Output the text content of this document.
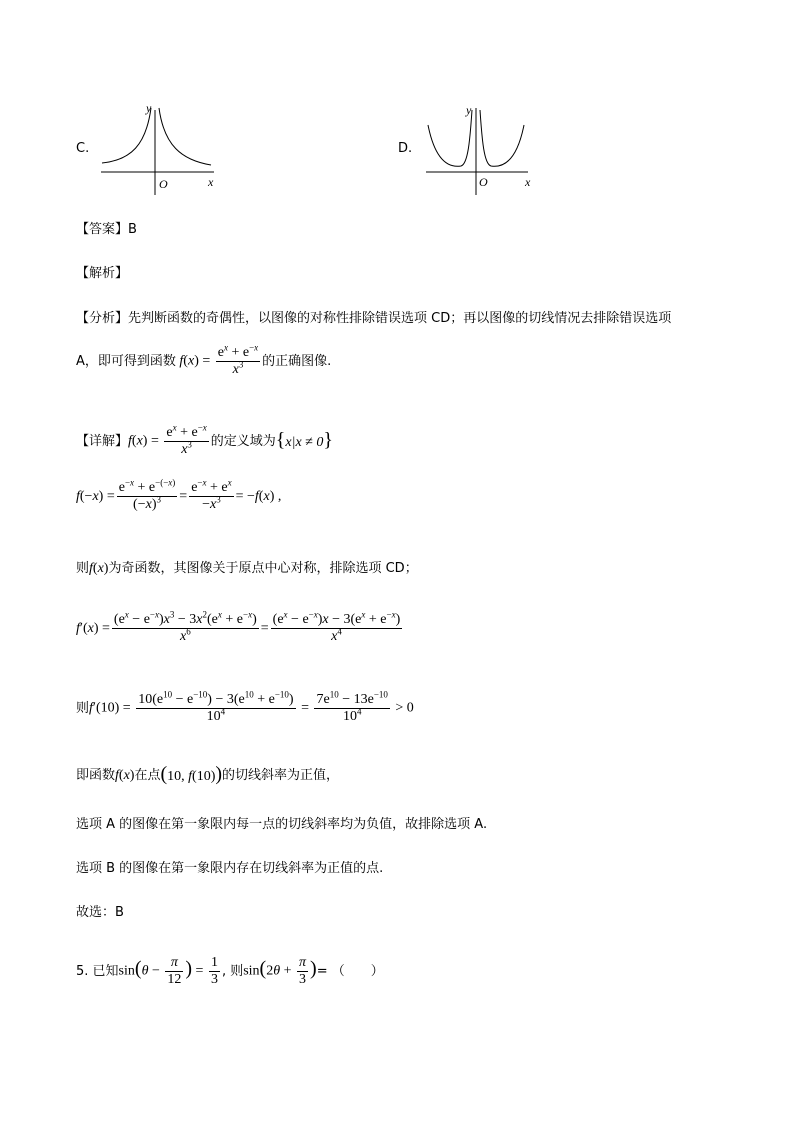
C.
y
x
O
D.
y
x
O
【答案】B
【解析】
【分析】先判断函数的奇偶性，以图像的对称性排除错误选项 CD；再以图像的切线情况去排除错误选项
A，即可得到函数 $f(x) = \frac{e^x + e^{-x}}{x^3}$ 的正确图像.
【详解】 $f(x) = \frac{e^x + e^{-x}}{x^3}$ 的定义域为 {x|x ≠ 0}
f (− x ) = $\frac{e^{-x} + e^{-(-x)}}{(-x)^3} = \frac{e^{-x} + e^x}{-x^3}$ = − f ( x ) ,
则 f(x) 为奇函数，其图像关于原点中心对称，排除选项 CD；
f ′( x ) = $\frac{(e^x - e^{-x})x^3 - 3x^2(e^x + e^{-x})}{x^6} = \frac{(e^x - e^{-x})x - 3(e^x + e^{-x})}{x^4}$
则 $f'(10) = \frac{10(e^{10} - e^{-10}) - 3(e^{10} + e^{-10})}{10^4} = \frac{7e^{10} - 13e^{-10}}{10^4} > 0$
即函数 f(x) 在点 (10, f(10)) 的切线斜率为正值，
选项 A 的图像在第一象限内每一点的切线斜率均为负值，故排除选项 A.
选项 B 的图像在第一象限内存在切线斜率为正值的点.
故选：B
5. 已知 $\sin(\theta - \frac{\pi}{12}$ ) = $\frac{1}{3}$ , 则 $\sin(2\theta + \frac{\pi}{3}$ ) = （　　）
